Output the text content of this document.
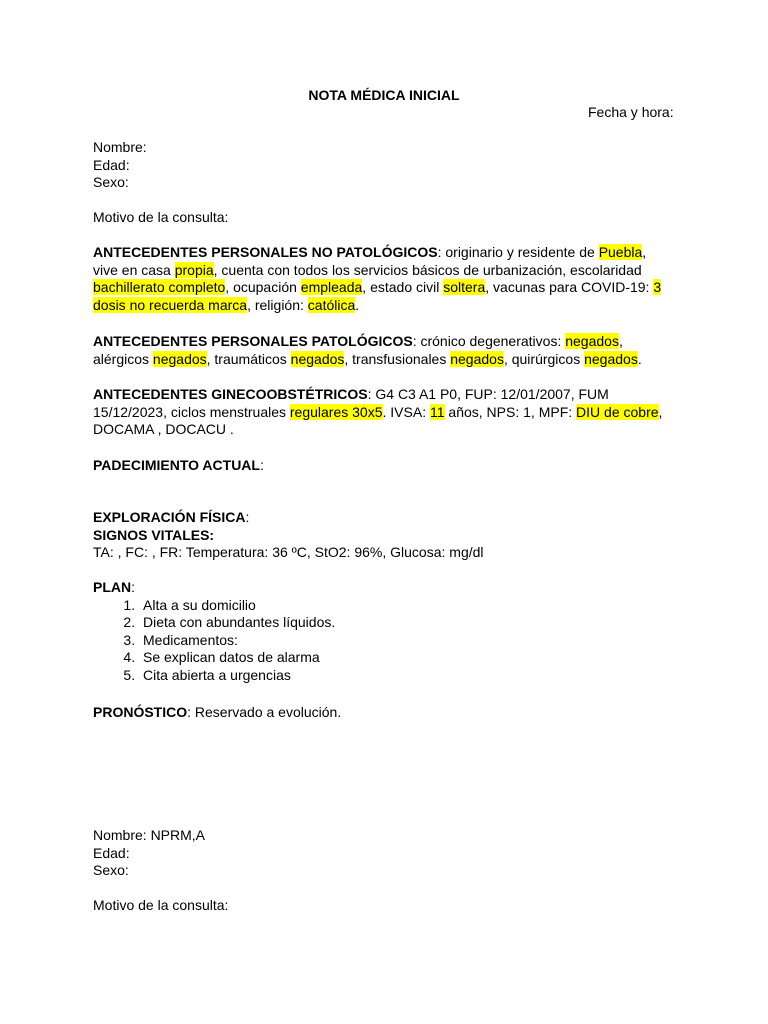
NOTA MÉDICA INICIAL
Fecha y hora:

Nombre:

Edad:

Sexo:

Motivo de la consulta:

ANTECEDENTES PERSONALES NO PATOLÓGICOS: originario y residente de Puebla, vive en casa propia, cuenta con todos los servicios básicos de urbanización, escolaridad bachillerato completo, ocupación empleada, estado civil soltera, vacunas para COVID-19: 3 dosis no recuerda marca, religión: católica.

ANTECEDENTES PERSONALES PATOLÓGICOS: crónico degenerativos: negados, alérgicos negados, traumáticos negados, transfusionales negados, quirúrgicos negados.

ANTECEDENTES GINECOOBSTÉTRICOS: G4 C3 A1 P0, FUP: 12/01/2007, FUM 15/12/2023, ciclos menstruales regulares 30x5. IVSA: 11 años, NPS: 1, MPF: DIU de cobre, DOCAMA , DOCACU .

PADECIMIENTO ACTUAL:

EXPLORACIÓN FÍSICA:

SIGNOS VITALES:

TA: , FC: , FR: Temperatura: 36 ºC, StO2: 96%, Glucosa: mg/dl

PLAN:

1. Alta a su domicilio
2. Dieta con abundantes líquidos.
3. Medicamentos:
4. Se explican datos de alarma
5. Cita abierta a urgencias

PRONÓSTICO: Reservado a evolución.

Nombre: NPRM,A

Edad:

Sexo:

Motivo de la consulta:
